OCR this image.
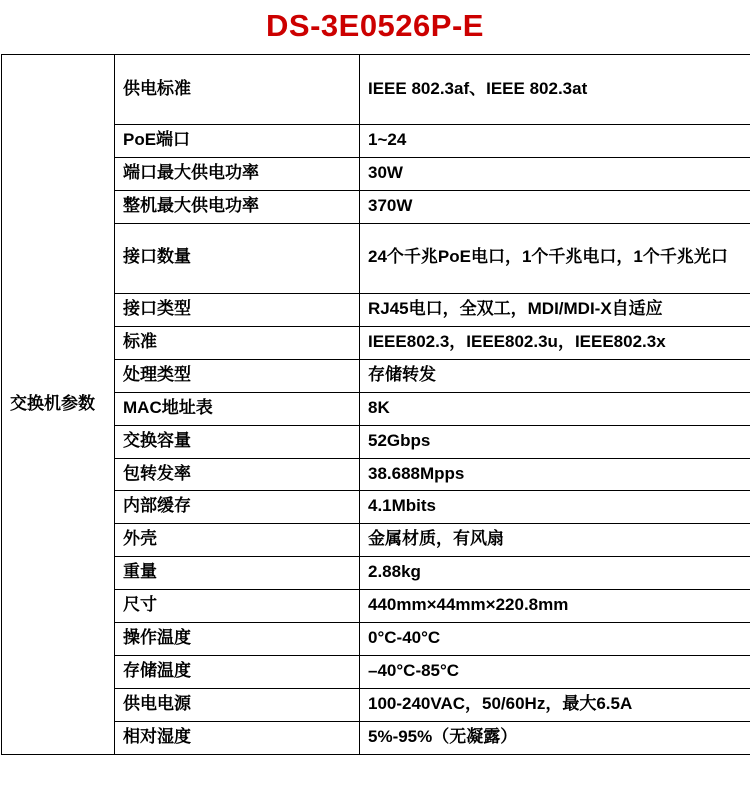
DS-3E0526P-E
交换机参数	供电标准	IEEE 802.3af、IEEE 802.3at
	PoE端口	1~24
	端口最大供电功率	30W
	整机最大供电功率	370W
	接口数量	24个千兆PoE电口，1个千兆电口，1个千兆光口
	接口类型	RJ45电口，全双工，MDI/MDI-X自适应
	标准	IEEE802.3，IEEE802.3u，IEEE802.3x
	处理类型	存储转发
	MAC地址表	8K
	交换容量	52Gbps
	包转发率	38.688Mpps
	内部缓存	4.1Mbits
	外壳	金属材质，有风扇
	重量	2.88kg
	尺寸	440mm×44mm×220.8mm
	操作温度	0°C-40°C
	存储温度	–40°C-85°C
	供电电源	100-240VAC，50/60Hz，最大6.5A
	相对湿度	5%-95%（无凝露）
